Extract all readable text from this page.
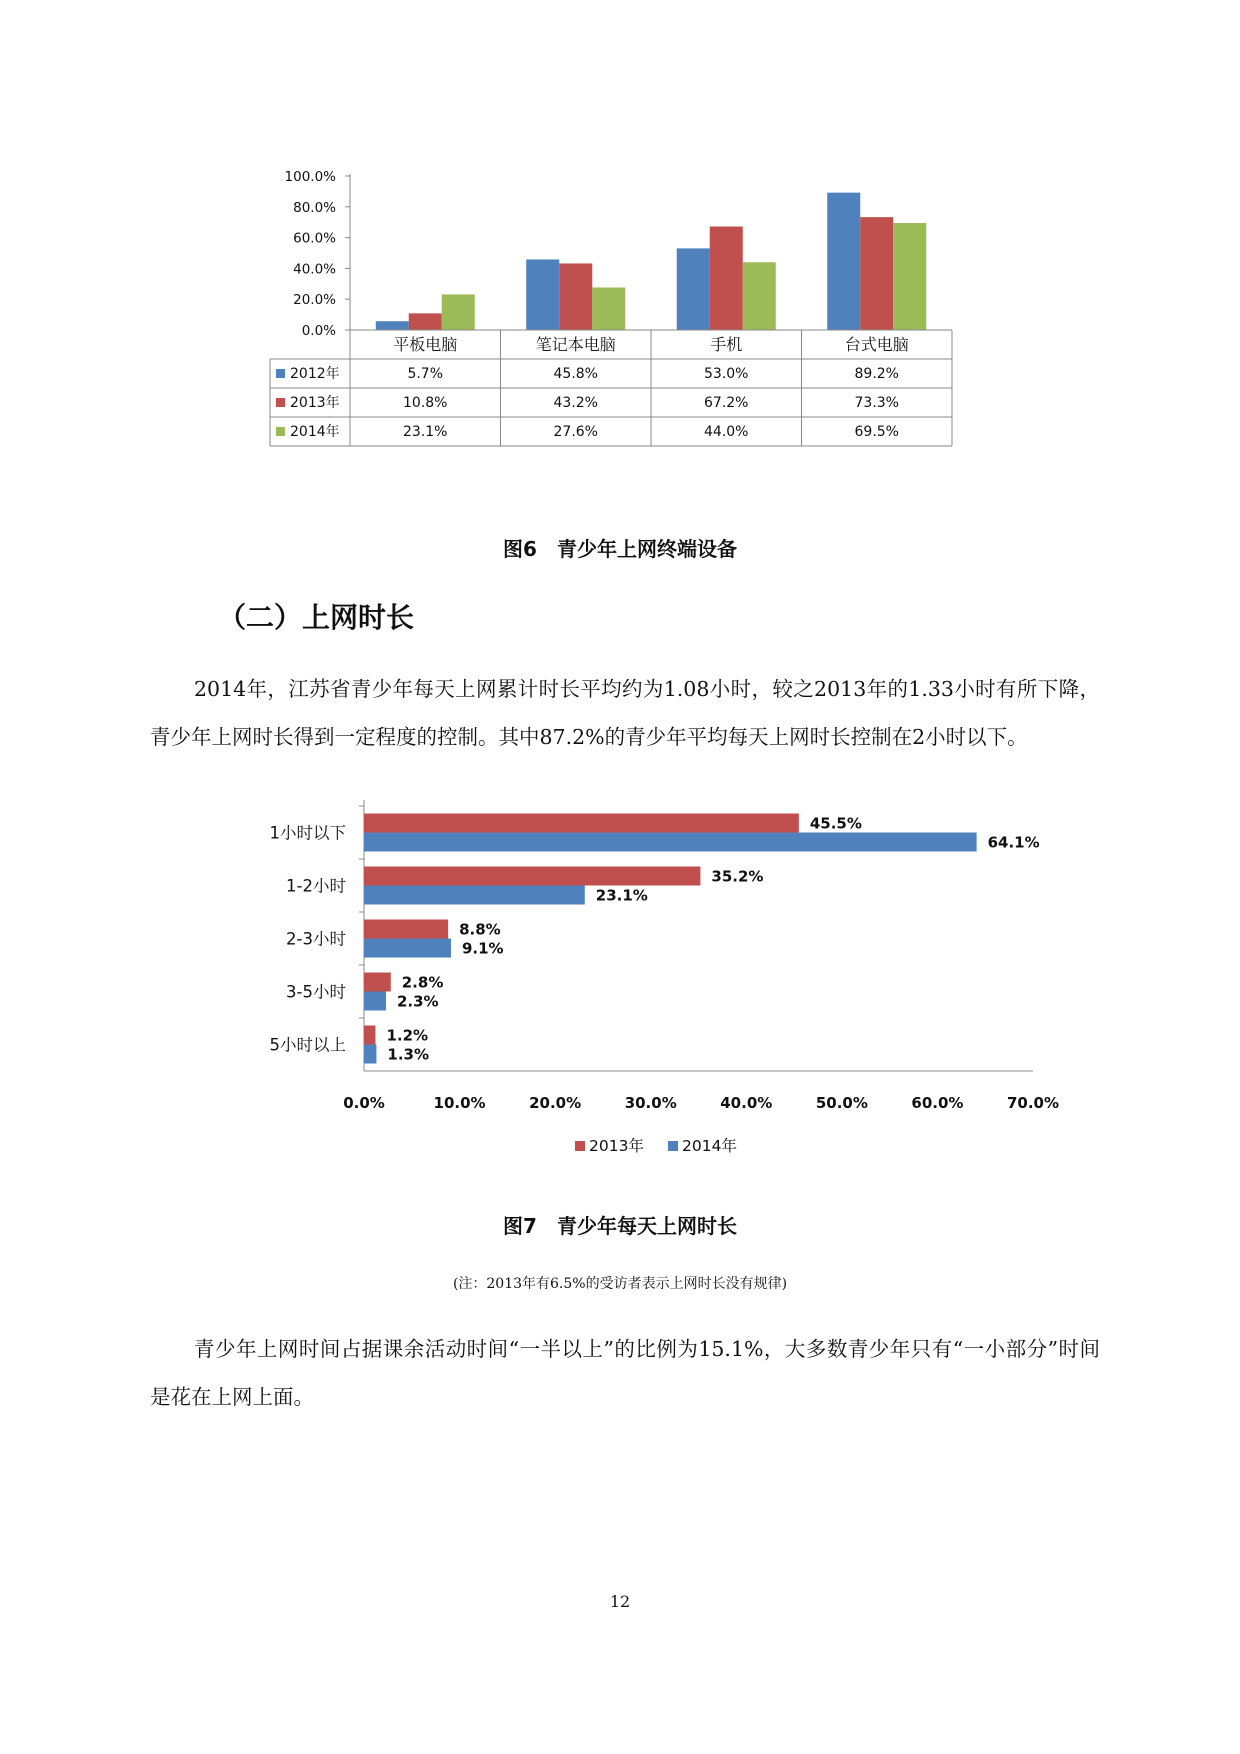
0.0%
20.0%
40.0%
60.0%
80.0%
100.0%
平板电脑	笔记本电脑	手机	台式电脑
2012年	5.7%	45.8%	53.0%	89.2%
2013年	10.8%	43.2%	67.2%	73.3%
2014年	23.1%	27.6%	44.0%	69.5%
图6　青少年上网终端设备
（二）上网时长
2014年，江苏省青少年每天上网累计时长平均约为1.08小时，较之2013年的1.33小时有所下降，青少年上网时长得到一定程度的控制。其中87.2%的青少年平均每天上网时长控制在2小时以下。
0.0%	10.0%	20.0%	30.0%	40.0%	50.0%	60.0%	70.0%
1小时以下
1-2小时
2-3小时
3-5小时
5小时以上
45.5%
35.2%
8.8%
2.8%
1.2%
64.1%
23.1%
9.1%
2.3%
1.3%
2013年 2014年
图7　青少年每天上网时长
(注：2013年有6.5%的受访者表示上网时长没有规律)
青少年上网时间占据课余活动时间“一半以上”的比例为15.1%，大多数青少年只有“一小部分”时间是花在上网上面。
12
